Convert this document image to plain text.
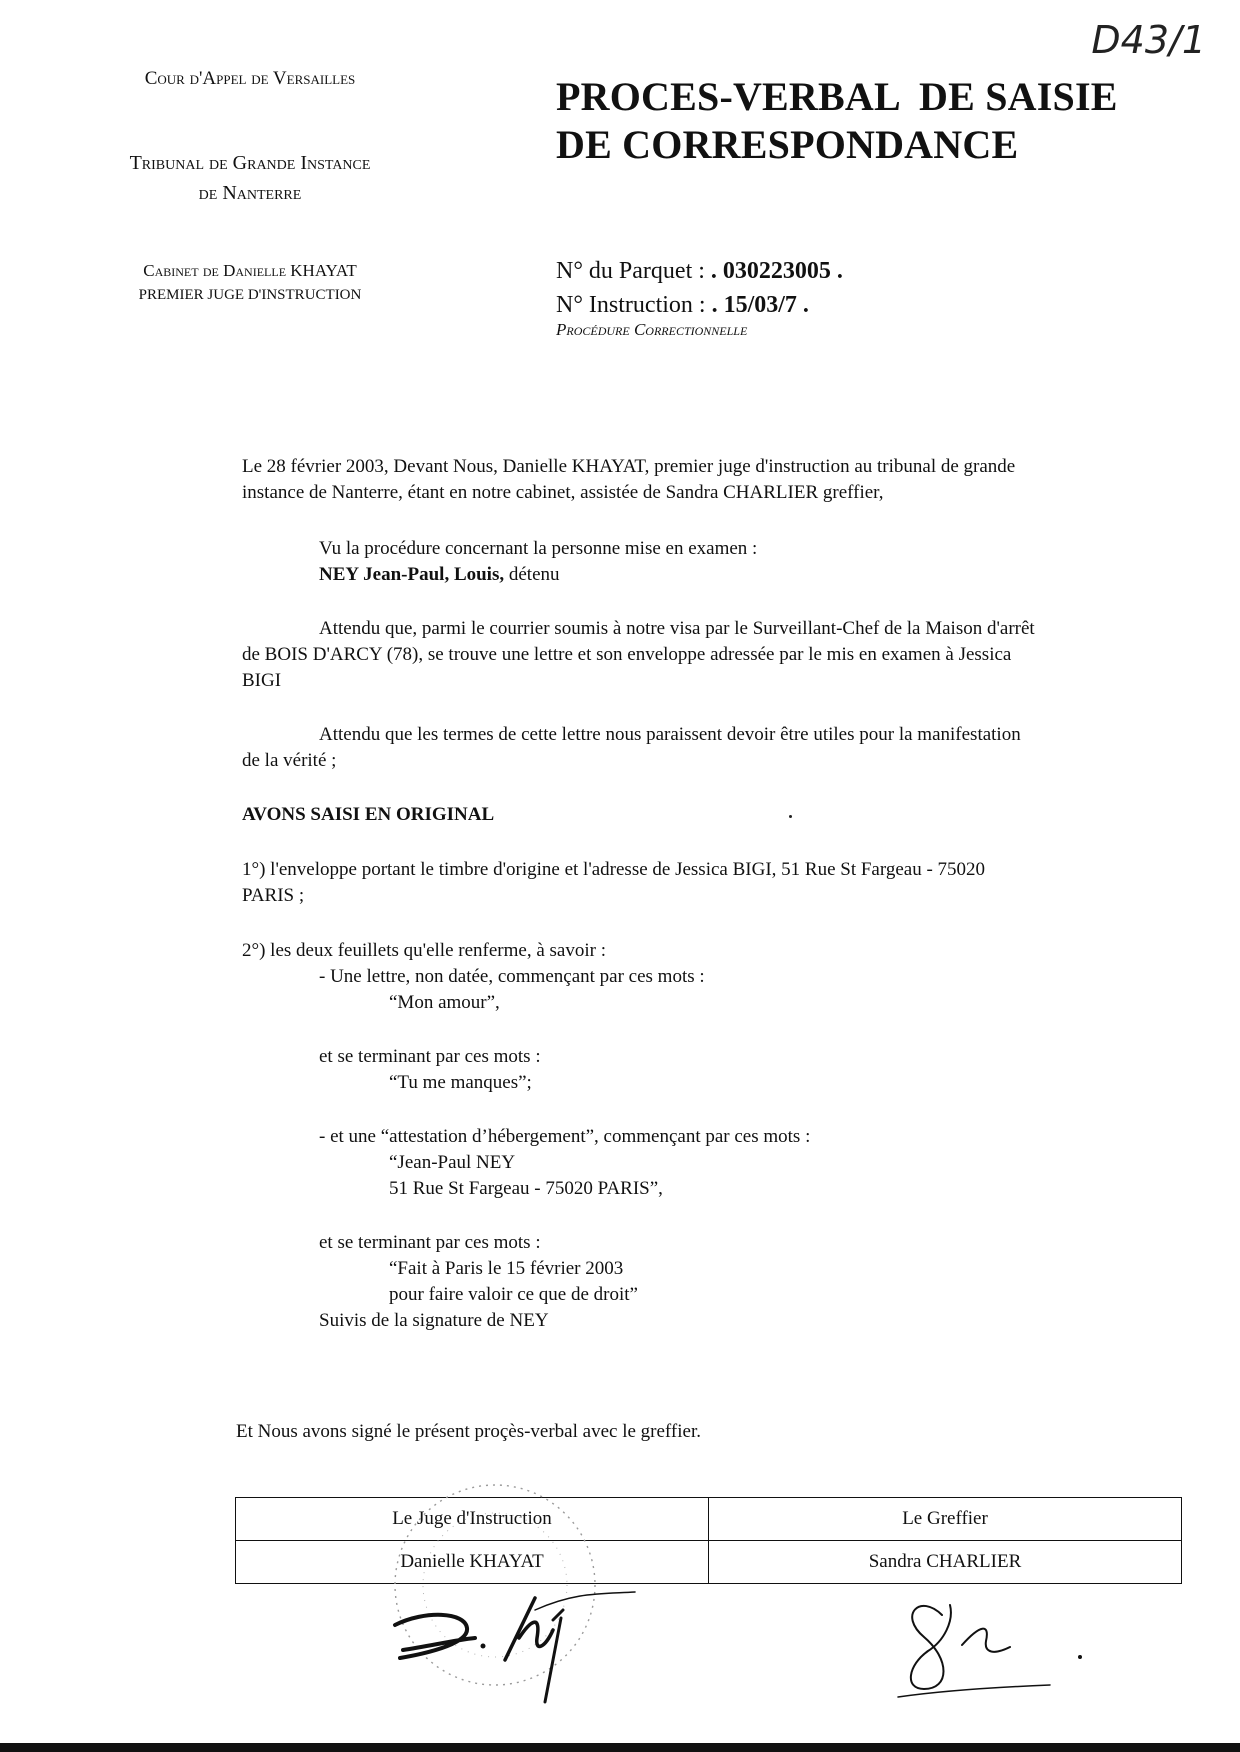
Cour d'Appel de Versailles
Tribunal de Grande Instance
de Nanterre
Cabinet de Danielle KHAYAT
PREMIER JUGE D'INSTRUCTION
PROCES-VERBAL  DE SAISIE
DE CORRESPONDANCE
D43/1
N° du Parquet : . 030223005 .
N° Instruction : . 15/03/7 .
Procédure Correctionnelle
Le 28 février 2003, Devant Nous, Danielle KHAYAT, premier juge d'instruction au tribunal de grande
instance de Nanterre, étant en notre cabinet, assistée de Sandra CHARLIER greffier,
Vu la procédure concernant la personne mise en examen :
NEY Jean-Paul, Louis, détenu
Attendu que, parmi le courrier soumis à notre visa par le Surveillant-Chef de la Maison d'arrêt
de BOIS D'ARCY (78), se trouve une lettre et son enveloppe adressée par le mis en examen à Jessica
BIGI
Attendu que les termes de cette lettre nous paraissent devoir être utiles pour la manifestation
de la vérité ;
AVONS SAISI EN ORIGINAL
1°) l'enveloppe portant le timbre d'origine et l'adresse de Jessica BIGI, 51 Rue St Fargeau - 75020
PARIS ;
2°) les deux feuillets qu'elle renferme, à savoir :
- Une lettre, non datée, commençant par ces mots :
“Mon amour”,
et se terminant par ces mots :
“Tu me manques”;
- et une “attestation d’hébergement”, commençant par ces mots :
“Jean-Paul NEY
51 Rue St Fargeau - 75020 PARIS”,
et se terminant par ces mots :
“Fait à Paris le 15 février 2003
pour faire valoir ce que de droit”
Suivis de la signature de NEY
Et Nous avons signé le présent proçès-verbal avec le greffier.
Le Juge d'Instruction	Le Greffier
Danielle KHAYAT	Sandra CHARLIER
